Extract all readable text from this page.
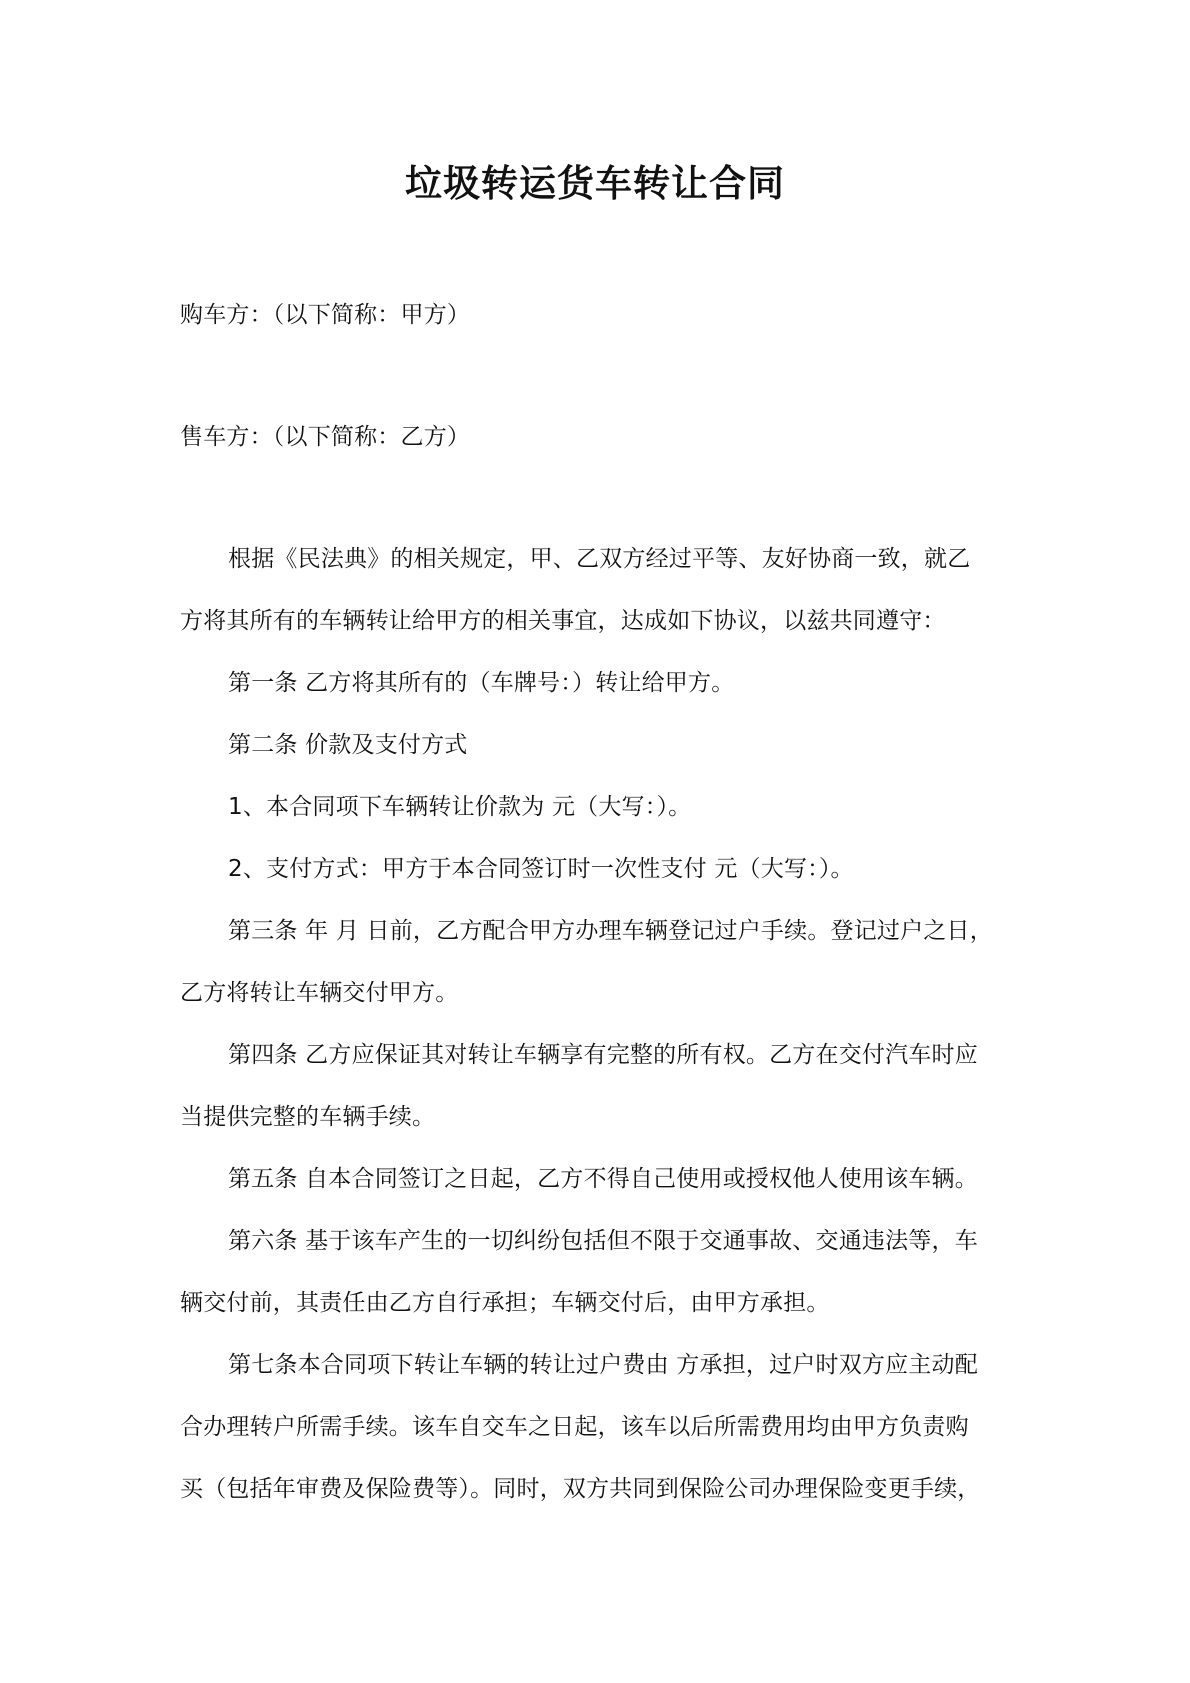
垃圾转运货车转让合同
购车方：（以下简称：甲方）
售车方：（以下简称：乙方）
根据《民法典》的相关规定，甲、乙双方经过平等、友好协商一致，就乙
方将其所有的车辆转让给甲方的相关事宜，达成如下协议，以兹共同遵守：
第一条 乙方将其所有的（车牌号：）转让给甲方。
第二条 价款及支付方式
1、本合同项下车辆转让价款为 元（大写：）。
2、支付方式：甲方于本合同签订时一次性支付 元（大写：）。
第三条 年 月 日前，乙方配合甲方办理车辆登记过户手续。登记过户之日，
乙方将转让车辆交付甲方。
第四条 乙方应保证其对转让车辆享有完整的所有权。乙方在交付汽车时应
当提供完整的车辆手续。
第五条 自本合同签订之日起，乙方不得自己使用或授权他人使用该车辆。
第六条 基于该车产生的一切纠纷包括但不限于交通事故、交通违法等，车
辆交付前，其责任由乙方自行承担；车辆交付后，由甲方承担。
第七条本合同项下转让车辆的转让过户费由 方承担，过户时双方应主动配
合办理转户所需手续。该车自交车之日起，该车以后所需费用均由甲方负责购
买（包括年审费及保险费等）。同时，双方共同到保险公司办理保险变更手续，
